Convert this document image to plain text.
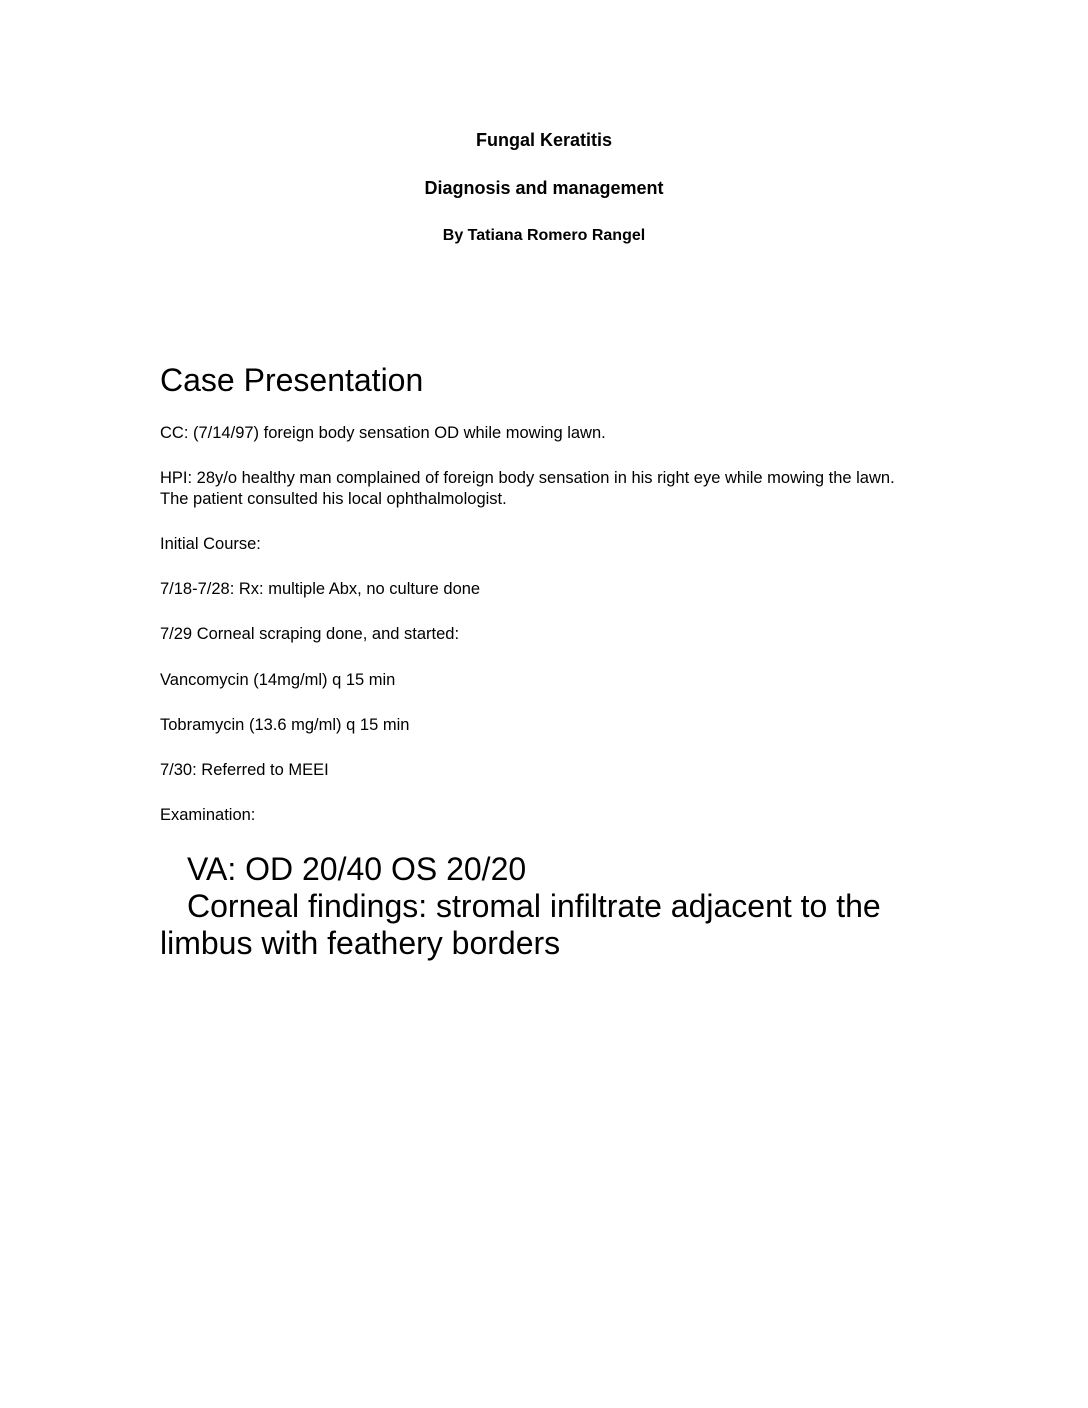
Fungal Keratitis
Diagnosis and management
By Tatiana Romero Rangel
Case Presentation
CC: (7/14/97) foreign body sensation OD while mowing lawn.
HPI: 28y/o healthy man complained of foreign body sensation in his right eye while mowing the lawn. The patient consulted his local ophthalmologist.
Initial Course:
7/18-7/28: Rx: multiple Abx, no culture done
7/29 Corneal scraping done, and started:
Vancomycin (14mg/ml) q 15 min
Tobramycin (13.6 mg/ml) q 15 min
7/30: Referred to MEEI
Examination:
VA: OD 20/40 OS 20/20
Corneal findings: stromal infiltrate adjacent to the limbus with feathery borders
